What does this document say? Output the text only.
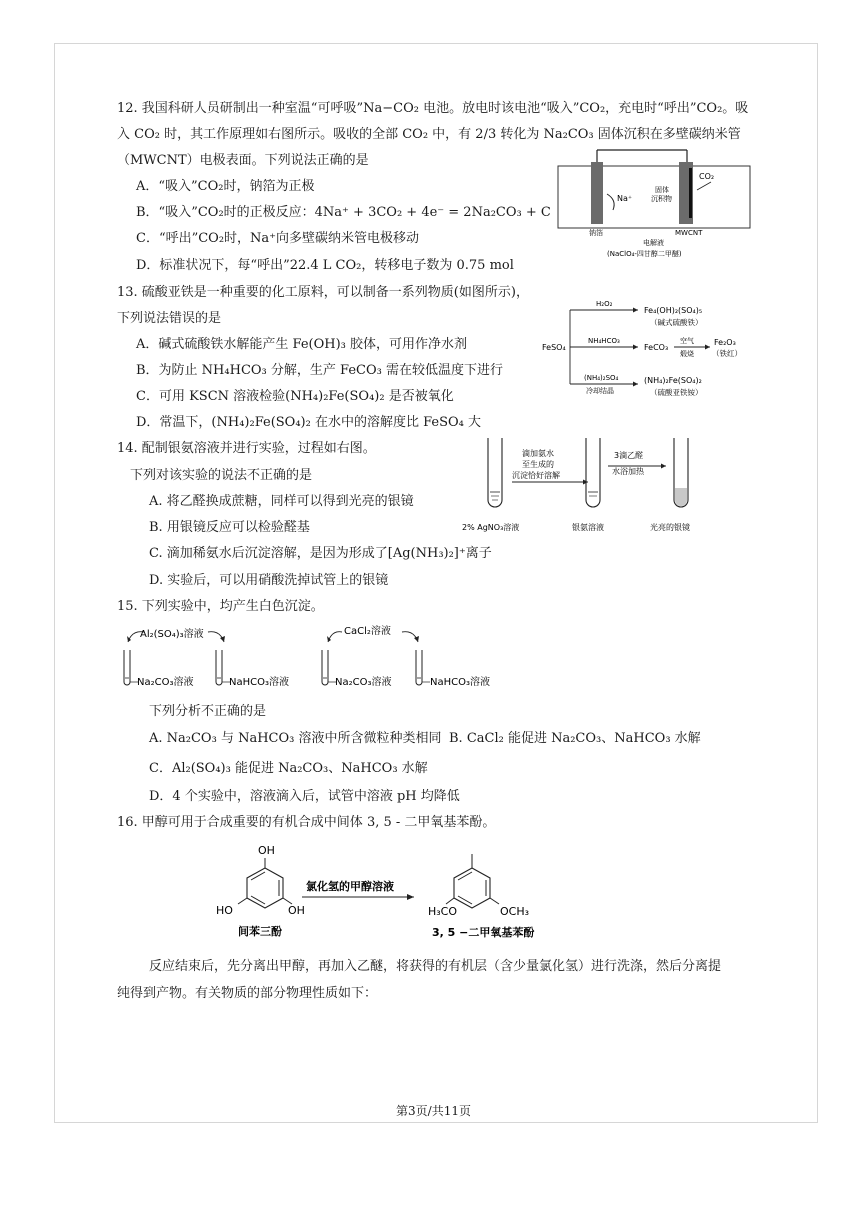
12. 我国科研人员研制出一种室温“可呼吸”Na−CO₂ 电池。放电时该电池“吸入”CO₂，充电时“呼出”CO₂。吸
入 CO₂ 时，其工作原理如右图所示。吸收的全部 CO₂ 中，有 2/3 转化为 Na₂CO₃ 固体沉积在多壁碳纳米管
（MWCNT）电极表面。下列说法正确的是
A．“吸入”CO₂时，钠箔为正极
B．“吸入”CO₂时的正极反应：4Na⁺ + 3CO₂ + 4e⁻ = 2Na₂CO₃ + C
C．“呼出”CO₂时，Na⁺向多壁碳纳米管电极移动
D．标准状况下，每“呼出”22.4 L CO₂，转移电子数为 0.75 mol
Na⁺
CO₂
固体
沉积物
钠箔	MWCNT
电解液
(NaClO₄-四甘醇二甲醚)
13. 硫酸亚铁是一种重要的化工原料，可以制备一系列物质(如图所示)，
下列说法错误的是
A．碱式硫酸铁水解能产生 Fe(OH)₃ 胶体，可用作净水剂
B．为防止 NH₄HCO₃ 分解，生产 FeCO₃ 需在较低温度下进行
C．可用 KSCN 溶液检验(NH₄)₂Fe(SO₄)₂ 是否被氧化
D．常温下，(NH₄)₂Fe(SO₄)₂ 在水中的溶解度比 FeSO₄ 大
FeSO₄
H₂O₂
Fe₄(OH)₂(SO₄)₅
（碱式硫酸铁）
NH₄HCO₃
FeCO₃
空气
煅烧
Fe₂O₃
（铁红）
(NH₄)₂SO₄
冷却结晶
(NH₄)₂Fe(SO₄)₂
（硫酸亚铁铵）
14. 配制银氨溶液并进行实验，过程如右图。
下列对该实验的说法不正确的是
A. 将乙醛换成蔗糖，同样可以得到光亮的银镜
B. 用银镜反应可以检验醛基
C. 滴加稀氨水后沉淀溶解，是因为形成了[Ag(NH₃)₂]⁺离子
D. 实验后，可以用硝酸洗掉试管上的银镜
滴加氨水
至生成的
沉淀恰好溶解
3滴乙醛
水浴加热
2% AgNO₃溶液	银氨溶液	光亮的银镜
15. 下列实验中，均产生白色沉淀。
Al₂(SO₄)₃溶液
Na₂CO₃溶液	NaHCO₃溶液
CaCl₂溶液
Na₂CO₃溶液	NaHCO₃溶液
下列分析不正确的是
A. Na₂CO₃ 与 NaHCO₃ 溶液中所含微粒种类相同 B. CaCl₂ 能促进 Na₂CO₃、NaHCO₃ 水解
C．Al₂(SO₄)₃ 能促进 Na₂CO₃、NaHCO₃ 水解
D．4 个实验中，溶液滴入后，试管中溶液 pH 均降低
16. 甲醇可用于合成重要的有机合成中间体 3, 5 - 二甲氧基苯酚。
OH
HO	OH
间苯三酚
氯化氢的甲醇溶液
H₃CO	OCH₃
3, 5 −二甲氧基苯酚
反应结束后，先分离出甲醇，再加入乙醚，将获得的有机层（含少量氯化氢）进行洗涤，然后分离提
纯得到产物。有关物质的部分物理性质如下：
第3页/共11页
